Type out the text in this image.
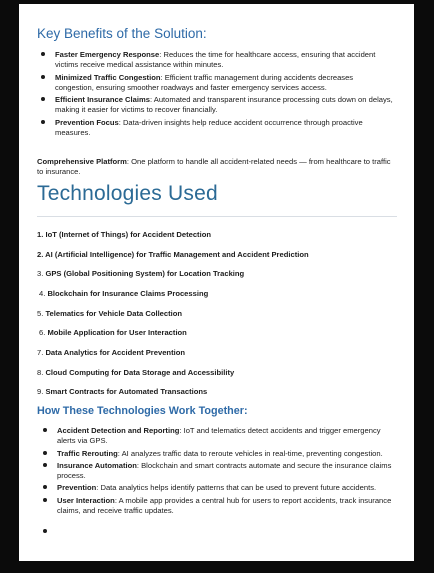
Key Benefits of the Solution:
Faster Emergency Response: Reduces the time for healthcare access, ensuring that accident victims receive medical assistance within minutes.
Minimized Traffic Congestion: Efficient traffic management during accidents decreases congestion, ensuring smoother roadways and faster emergency services access.
Efficient Insurance Claims: Automated and transparent insurance processing cuts down on delays, making it easier for victims to recover financially.
Prevention Focus: Data-driven insights help reduce accident occurrence through proactive measures.

Comprehensive Platform: One platform to handle all accident-related needs — from healthcare to traffic to insurance.

Technologies Used
1. IoT (Internet of Things) for Accident Detection
2. AI (Artificial Intelligence) for Traffic Management and Accident Prediction
3. GPS (Global Positioning System) for Location Tracking
4. Blockchain for Insurance Claims Processing
5. Telematics for Vehicle Data Collection
6. Mobile Application for User Interaction
7. Data Analytics for Accident Prevention
8. Cloud Computing for Data Storage and Accessibility
9. Smart Contracts for Automated Transactions
How These Technologies Work Together:
Accident Detection and Reporting: IoT and telematics detect accidents and trigger emergency alerts via GPS.
Traffic Rerouting: AI analyzes traffic data to reroute vehicles in real-time, preventing congestion.
Insurance Automation: Blockchain and smart contracts automate and secure the insurance claims process.
Prevention: Data analytics helps identify patterns that can be used to prevent future accidents.
User Interaction: A mobile app provides a central hub for users to report accidents, track insurance claims, and receive traffic updates.
